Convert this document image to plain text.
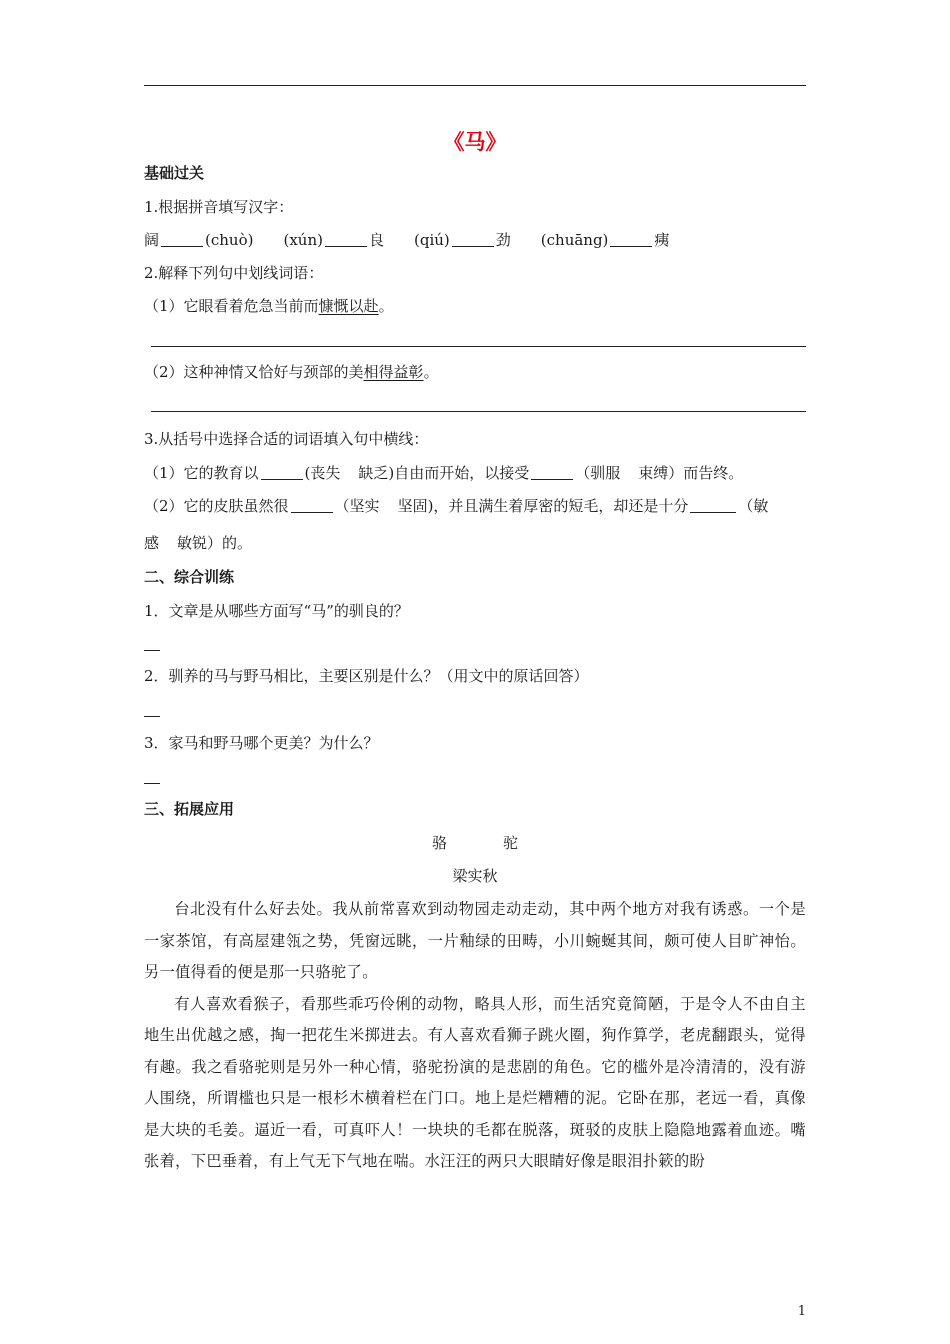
《马》
基础过关
1.根据拼音填写汉字：
阔	(chuò) (xún)	良 (qiú)	劲 (chuāng)	痍
2.解释下列句中划线词语：
（1）它眼看着危急当前而慷慨以赴。
（2）这种神情又恰好与颈部的美相得益彰。
3.从括号中选择合适的词语填入句中横线：
（1）它的教育以	(丧失 缺乏)自由而开始，以接受	（驯服 束缚）而告终。
（2）它的皮肤虽然很	（坚实 坚固)，并且满生着厚密的短毛，却还是十分	（敏
感 敏锐）的。
二、综合训练
1．文章是从哪些方面写“马”的驯良的？
2．驯养的马与野马相比，主要区别是什么？（用文中的原话回答）
3．家马和野马哪个更美？为什么？
三、拓展应用
骆	驼
梁实秋

台北没有什么好去处。我从前常喜欢到动物园走动走动，其中两个地方对我有诱惑。一个是一家茶馆，有高屋建瓴之势，凭窗远眺，一片釉绿的田畴，小川蜿蜒其间，颇可使人目旷神怡。另一值得看的便是那一只骆驼了。

有人喜欢看猴子，看那些乖巧伶俐的动物，略具人形，而生活究竟简陋，于是令人不由自主地生出优越之感，掏一把花生米掷进去。有人喜欢看狮子跳火圈，狗作算学，老虎翻跟头，觉得有趣。我之看骆驼则是另外一种心情，骆驼扮演的是悲剧的角色。它的槛外是冷清清的，没有游人围绕，所谓槛也只是一根杉木横着栏在门口。地上是烂糟糟的泥。它卧在那，老远一看，真像是大块的毛姜。逼近一看，可真吓人！一块块的毛都在脱落，斑驳的皮肤上隐隐地露着血迹。嘴张着，下巴垂着，有上气无下气地在喘。水汪汪的两只大眼睛好像是眼泪扑簌的盼

1
